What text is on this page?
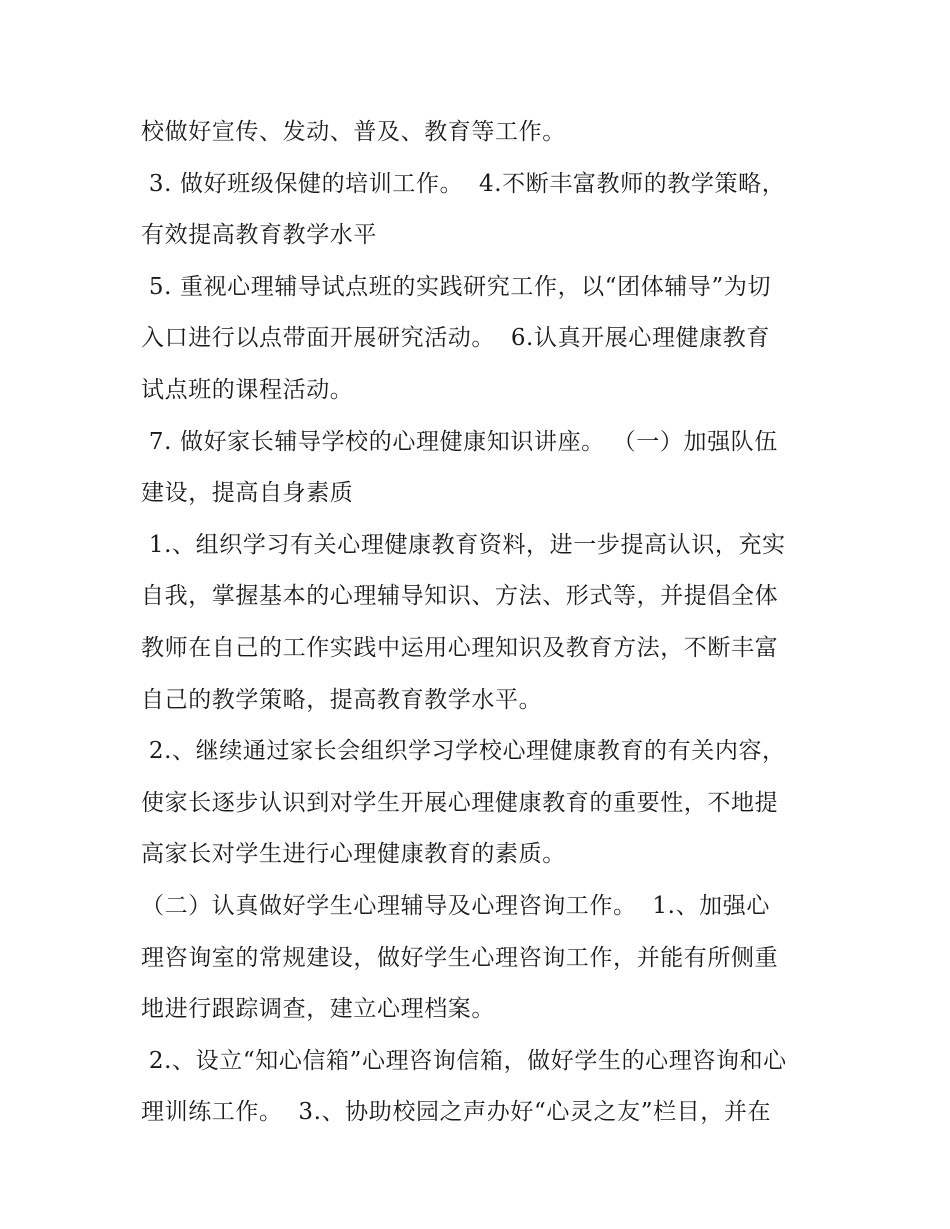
校做好宣传、发动、普及、教育等工作。
3. 做好班级保健的培训工作。  4.不断丰富教师的教学策略，
有效提高教育教学水平
5. 重视心理辅导试点班的实践研究工作，以“团体辅导”为切
入口进行以点带面开展研究活动。  6.认真开展心理健康教育
试点班的课程活动。
7. 做好家长辅导学校的心理健康知识讲座。 （一）加强队伍
建设，提高自身素质
1.、组织学习有关心理健康教育资料，进一步提高认识，充实
自我，掌握基本的心理辅导知识、方法、形式等，并提倡全体
教师在自己的工作实践中运用心理知识及教育方法，不断丰富
自己的教学策略，提高教育教学水平。
2.、继续通过家长会组织学习学校心理健康教育的有关内容，
使家长逐步认识到对学生开展心理健康教育的重要性，不地提
高家长对学生进行心理健康教育的素质。
（二）认真做好学生心理辅导及心理咨询工作。  1.、加强心
理咨询室的常规建设，做好学生心理咨询工作，并能有所侧重
地进行跟踪调查，建立心理档案。
2.、设立“知心信箱”心理咨询信箱，做好学生的心理咨询和心
理训练工作。  3.、协助校园之声办好“心灵之友”栏目，并在
